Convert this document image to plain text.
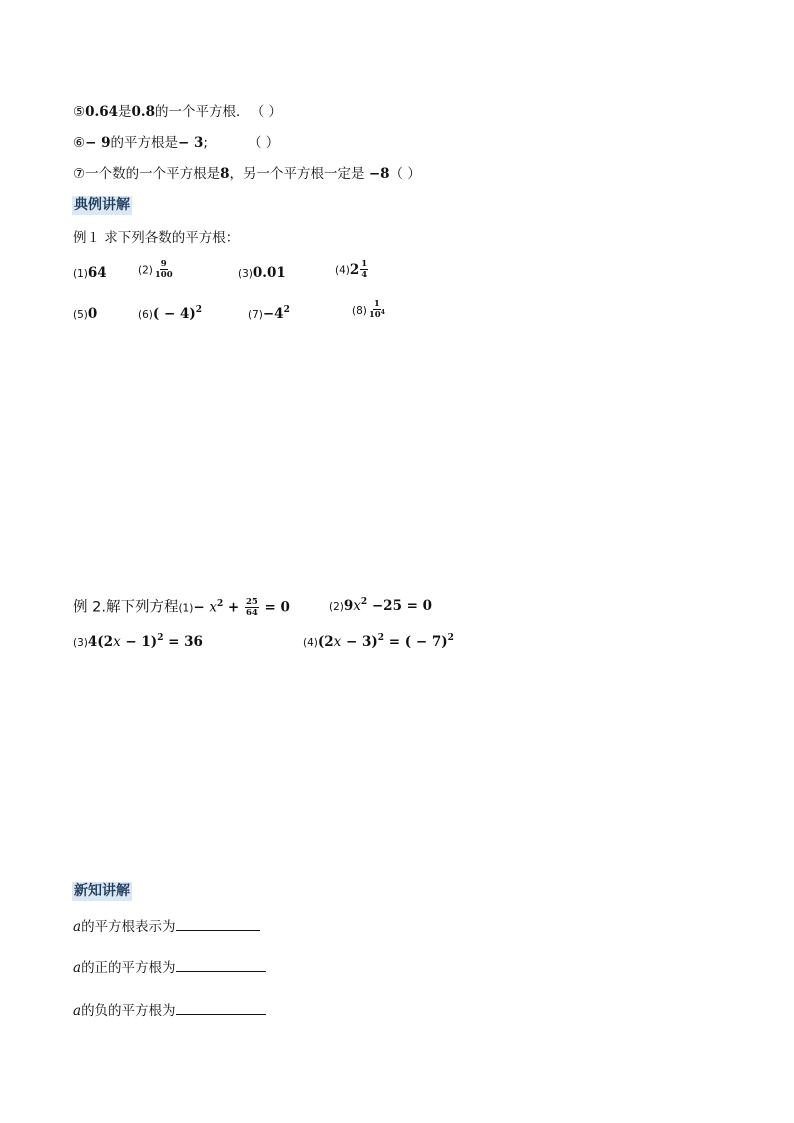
⑤0.64是0.8的一个平方根． （ ）
⑥− 9的平方根是− 3;	（ ）
⑦一个数的一个平方根是8，另一个平方根一定是 −8（ ）
典例讲解
例１ 求下列各数的平方根：
(1)64	$(2) \frac{9}{100}$	(3)0.01	(4) $2 \frac{1}{4}$
(5)0	$(6)( - 4)^2$	$(7)-4^2$	$(8) \frac{1}{10^4}$
例 2.解下列方程$(1)- x^2 + \frac{25}{64} = 0$	$(2)9x^2 -25 = 0$
$(3)4(2x - 1)^2 = 36$	$(4)(2x - 3)^2$ = ( − 7)$^2$
新知讲解
a的平方根表示为
a的正的平方根为
a的负的平方根为
